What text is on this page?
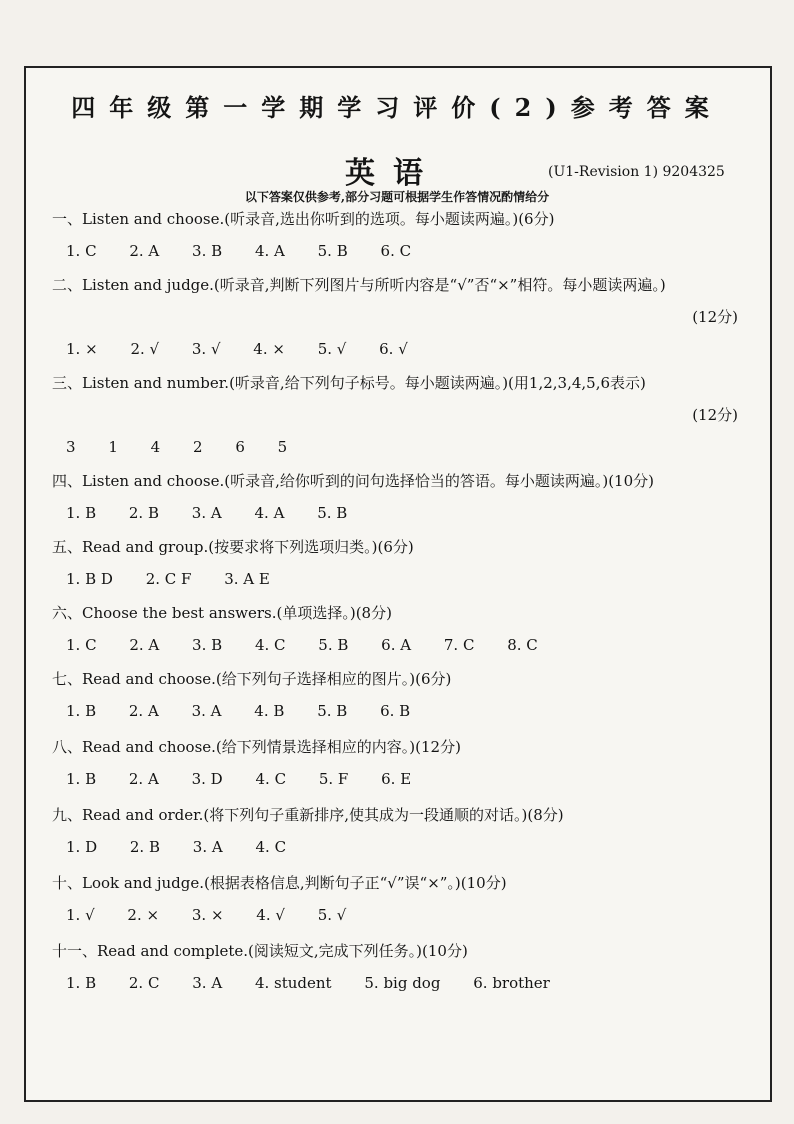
四年级第一学期学习评价(2)参考答案
英语	(U1-Revision 1) 9204325
以下答案仅供参考,部分习题可根据学生作答情况酌情给分
一、Listen and choose.(听录音,选出你听到的选项。每小题读两遍。)(6分)
1. C 2. A 3. B 4. A 5. B 6. C
二、Listen and judge.(听录音,判断下列图片与所听内容是“√”否“×”相符。每小题读两遍。)
(12分)
1. × 2. √ 3. √ 4. × 5. √ 6. √
三、Listen and number.(听录音,给下列句子标号。每小题读两遍。)(用1,2,3,4,5,6表示)
(12分)
3 1 4 2 6 5
四、Listen and choose.(听录音,给你听到的问句选择恰当的答语。每小题读两遍。)(10分)
1. B 2. B 3. A 4. A 5. B
五、Read and group.(按要求将下列选项归类。)(6分)
1. B D 2. C F 3. A E
六、Choose the best answers.(单项选择。)(8分)
1. C 2. A 3. B 4. C 5. B 6. A 7. C 8. C
七、Read and choose.(给下列句子选择相应的图片。)(6分)
1. B 2. A 3. A 4. B 5. B 6. B
八、Read and choose.(给下列情景选择相应的内容。)(12分)
1. B 2. A 3. D 4. C 5. F 6. E
九、Read and order.(将下列句子重新排序,使其成为一段通顺的对话。)(8分)
1. D 2. B 3. A 4. C
十、Look and judge.(根据表格信息,判断句子正“√”误“×”。)(10分)
1. √ 2. × 3. × 4. √ 5. √
十一、Read and complete.(阅读短文,完成下列任务。)(10分)
1. B 2. C 3. A 4. student 5. big dog 6. brother
